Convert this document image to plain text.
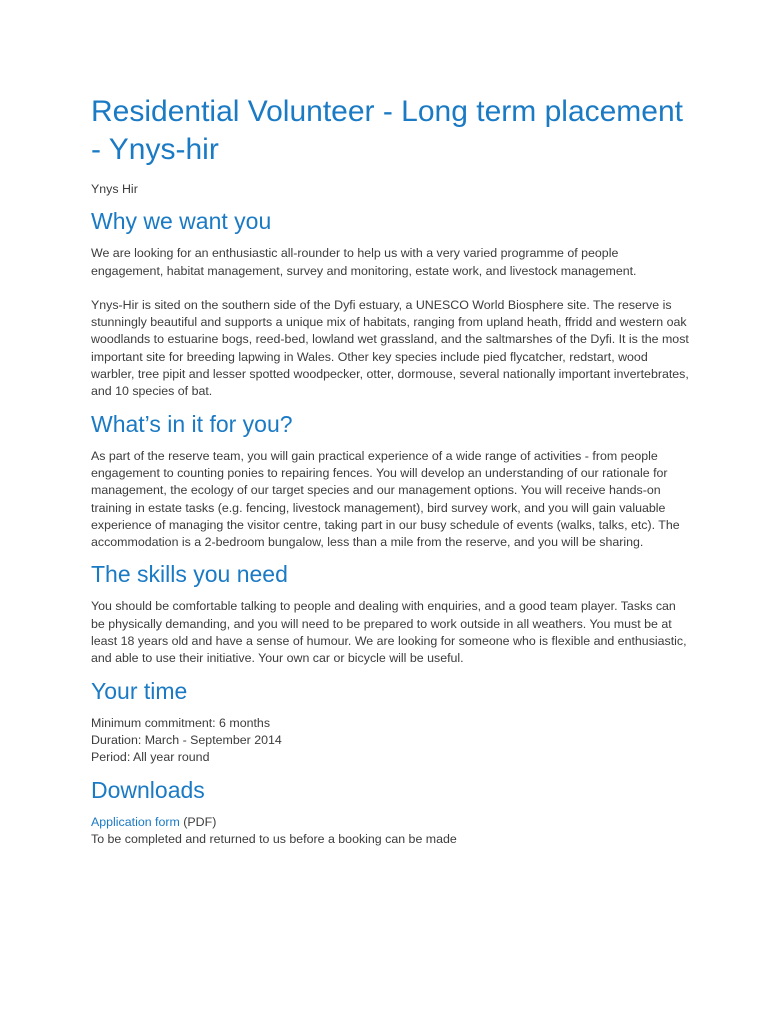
Residential Volunteer - Long term placement - Ynys-hir

Ynys Hir

Why we want you

We are looking for an enthusiastic all-rounder to help us with a very varied programme of people engagement, habitat management, survey and monitoring, estate work, and livestock management.

Ynys-Hir is sited on the southern side of the Dyfi estuary, a UNESCO World Biosphere site. The reserve is stunningly beautiful and supports a unique mix of habitats, ranging from upland heath, ffridd and western oak woodlands to estuarine bogs, reed-bed, lowland wet grassland, and the saltmarshes of the Dyfi. It is the most important site for breeding lapwing in Wales. Other key species include pied flycatcher, redstart, wood warbler, tree pipit and lesser spotted woodpecker, otter, dormouse, several nationally important invertebrates, and 10 species of bat.

What’s in it for you?

As part of the reserve team, you will gain practical experience of a wide range of activities - from people engagement to counting ponies to repairing fences. You will develop an understanding of our rationale for management, the ecology of our target species and our management options. You will receive hands-on training in estate tasks (e.g. fencing, livestock management), bird survey work, and you will gain valuable experience of managing the visitor centre, taking part in our busy schedule of events (walks, talks, etc). The accommodation is a 2-bedroom bungalow, less than a mile from the reserve, and you will be sharing.

The skills you need

You should be comfortable talking to people and dealing with enquiries, and a good team player. Tasks can be physically demanding, and you will need to be prepared to work outside in all weathers. You must be at least 18 years old and have a sense of humour. We are looking for someone who is flexible and enthusiastic, and able to use their initiative. Your own car or bicycle will be useful.

Your time

Minimum commitment: 6 months
Duration: March - September 2014
Period: All year round

Downloads

Application form (PDF)
To be completed and returned to us before a booking can be made
